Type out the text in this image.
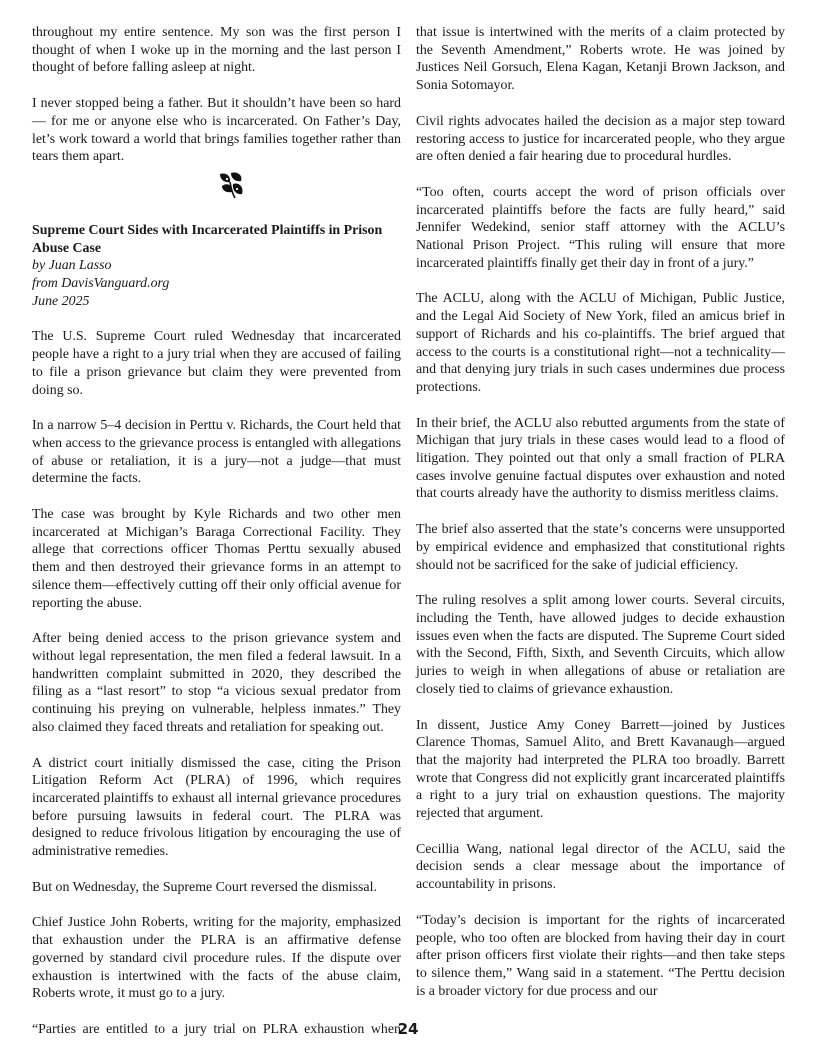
throughout my entire sentence. My son was the first person I thought of when I woke up in the morning and the last person I thought of before falling asleep at night.

I never stopped being a father. But it shouldn’t have been so hard — for me or anyone else who is incarcerated. On Father’s Day, let’s work toward a world that brings families together rather than tears them apart.

Supreme Court Sides with Incarcerated Plaintiffs in Prison Abuse Case
by Juan Lasso
from DavisVanguard.org
June 2025

The U.S. Supreme Court ruled Wednesday that incarcerated people have a right to a jury trial when they are accused of failing to file a prison grievance but claim they were prevented from doing so.

In a narrow 5–4 decision in Perttu v. Richards, the Court held that when access to the grievance process is entangled with allegations of abuse or retaliation, it is a jury—not a judge—that must determine the facts.

The case was brought by Kyle Richards and two other men incarcerated at Michigan’s Baraga Correctional Facility. They allege that corrections officer Thomas Perttu sexually abused them and then destroyed their grievance forms in an attempt to silence them—effectively cutting off their only official avenue for reporting the abuse.

After being denied access to the prison grievance system and without legal representation, the men filed a federal lawsuit. In a handwritten complaint submitted in 2020, they described the filing as a “last resort” to stop “a vicious sexual predator from continuing his preying on vulnerable, helpless inmates.” They also claimed they faced threats and retaliation for speaking out.

A district court initially dismissed the case, citing the Prison Litigation Reform Act (PLRA) of 1996, which requires incarcerated plaintiffs to exhaust all internal grievance procedures before pursuing lawsuits in federal court. The PLRA was designed to reduce frivolous litigation by encouraging the use of administrative remedies.

But on Wednesday, the Supreme Court reversed the dismissal.

Chief Justice John Roberts, writing for the majority, emphasized that exhaustion under the PLRA is an affirmative defense governed by standard civil procedure rules. If the dispute over exhaustion is intertwined with the facts of the abuse claim, Roberts wrote, it must go to a jury.

“Parties are entitled to a jury trial on PLRA exhaustion when

that issue is intertwined with the merits of a claim protected by the Seventh Amendment,” Roberts wrote. He was joined by Justices Neil Gorsuch, Elena Kagan, Ketanji Brown Jackson, and Sonia Sotomayor.

Civil rights advocates hailed the decision as a major step toward restoring access to justice for incarcerated people, who they argue are often denied a fair hearing due to procedural hurdles.

“Too often, courts accept the word of prison officials over incarcerated plaintiffs before the facts are fully heard,” said Jennifer Wedekind, senior staff attorney with the ACLU’s National Prison Project. “This ruling will ensure that more incarcerated plaintiffs finally get their day in front of a jury.”

The ACLU, along with the ACLU of Michigan, Public Justice, and the Legal Aid Society of New York, filed an amicus brief in support of Richards and his co-plaintiffs. The brief argued that access to the courts is a constitutional right—not a technicality—and that denying jury trials in such cases undermines due process protections.

In their brief, the ACLU also rebutted arguments from the state of Michigan that jury trials in these cases would lead to a flood of litigation. They pointed out that only a small fraction of PLRA cases involve genuine factual disputes over exhaustion and noted that courts already have the authority to dismiss meritless claims.

The brief also asserted that the state’s concerns were unsupported by empirical evidence and emphasized that constitutional rights should not be sacrificed for the sake of judicial efficiency.

The ruling resolves a split among lower courts. Several circuits, including the Tenth, have allowed judges to decide exhaustion issues even when the facts are disputed. The Supreme Court sided with the Second, Fifth, Sixth, and Seventh Circuits, which allow juries to weigh in when allegations of abuse or retaliation are closely tied to claims of grievance exhaustion.

In dissent, Justice Amy Coney Barrett—joined by Justices Clarence Thomas, Samuel Alito, and Brett Kavanaugh—argued that the majority had interpreted the PLRA too broadly. Barrett wrote that Congress did not explicitly grant incarcerated plaintiffs a right to a jury trial on exhaustion questions. The majority rejected that argument.

Cecillia Wang, national legal director of the ACLU, said the decision sends a clear message about the importance of accountability in prisons.

“Today’s decision is important for the rights of incarcerated people, who too often are blocked from having their day in court after prison officers first violate their rights—and then take steps to silence them,” Wang said in a statement. “The Perttu decision is a broader victory for due process and our

24
